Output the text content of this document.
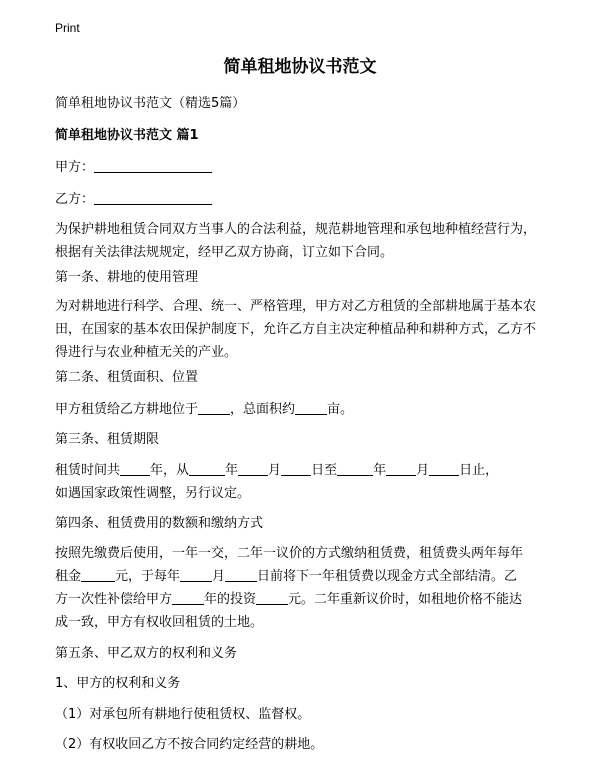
Print
简单租地协议书范文

简单租地协议书范文（精选5篇）

简单租地协议书范文 篇1

甲方：

乙方：

为保护耕地租赁合同双方当事人的合法利益，规范耕地管理和承包地种植经营行为，根据有关法律法规规定，经甲乙双方协商，订立如下合同。

第一条、耕地的使用管理

为对耕地进行科学、合理、统一、严格管理，甲方对乙方租赁的全部耕地属于基本农田，在国家的基本农田保护制度下，允许乙方自主决定种植品种和耕种方式，乙方不得进行与农业种植无关的产业。

第二条、租赁面积、位置

甲方租赁给乙方耕地位于 ，总面积约 亩。

第三条、租赁期限

租赁时间共 年，从	年 月 日至	年 月 日止，

如遇国家政策性调整，另行议定。

第四条、租赁费用的数额和缴纳方式

按照先缴费后使用，一年一交，二年一议价的方式缴纳租赁费，租赁费头两年每年

租金	元，于每年 月 日前将下一年租赁费以现金方式全部结清。乙

方一次性补偿给甲方 年的投资 元。二年重新议价时，如租地价格不能达

成一致，甲方有权收回租赁的土地。

第五条、甲乙双方的权利和义务

1、甲方的权利和义务

（1）对承包所有耕地行使租赁权、监督权。

（2）有权收回乙方不按合同约定经营的耕地。
